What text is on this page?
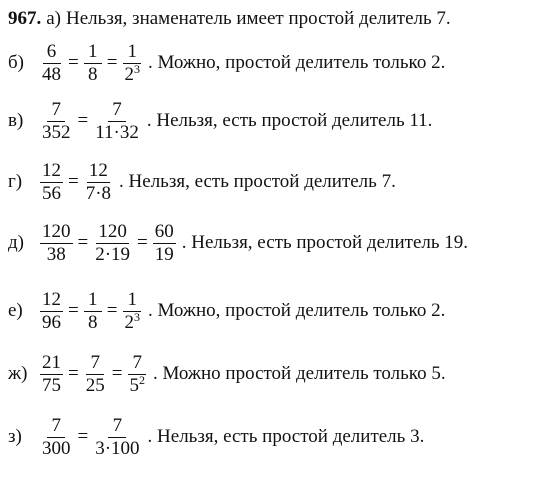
967. а) Нельзя, знаменатель имеет простой делитель 7.
$б) \frac{6}{48} = \frac{1}{8} = \frac{1}{2^3}$ . Можно, простой делитель только 2.
$в) \frac{7}{352} = \frac{7}{11\cdot 32}$ . Нельзя, есть простой делитель 11.
$г) \frac{12}{56} = \frac{12}{7\cdot 8}$ . Нельзя, есть простой делитель 7.
$д) \frac{120}{38} = \frac{120}{2\cdot 19} = \frac{60}{19}$ . Нельзя, есть простой делитель 19.
$е) \frac{12}{96} = \frac{1}{8} = \frac{1}{2^3}$ . Можно, простой делитель только 2.
$ж) \frac{21}{75} = \frac{7}{25} = \frac{7}{5^2}$ . Можно простой делитель только 5.
$з) \frac{7}{300} = \frac{7}{3\cdot 100}$ . Нельзя, есть простой делитель 3.
